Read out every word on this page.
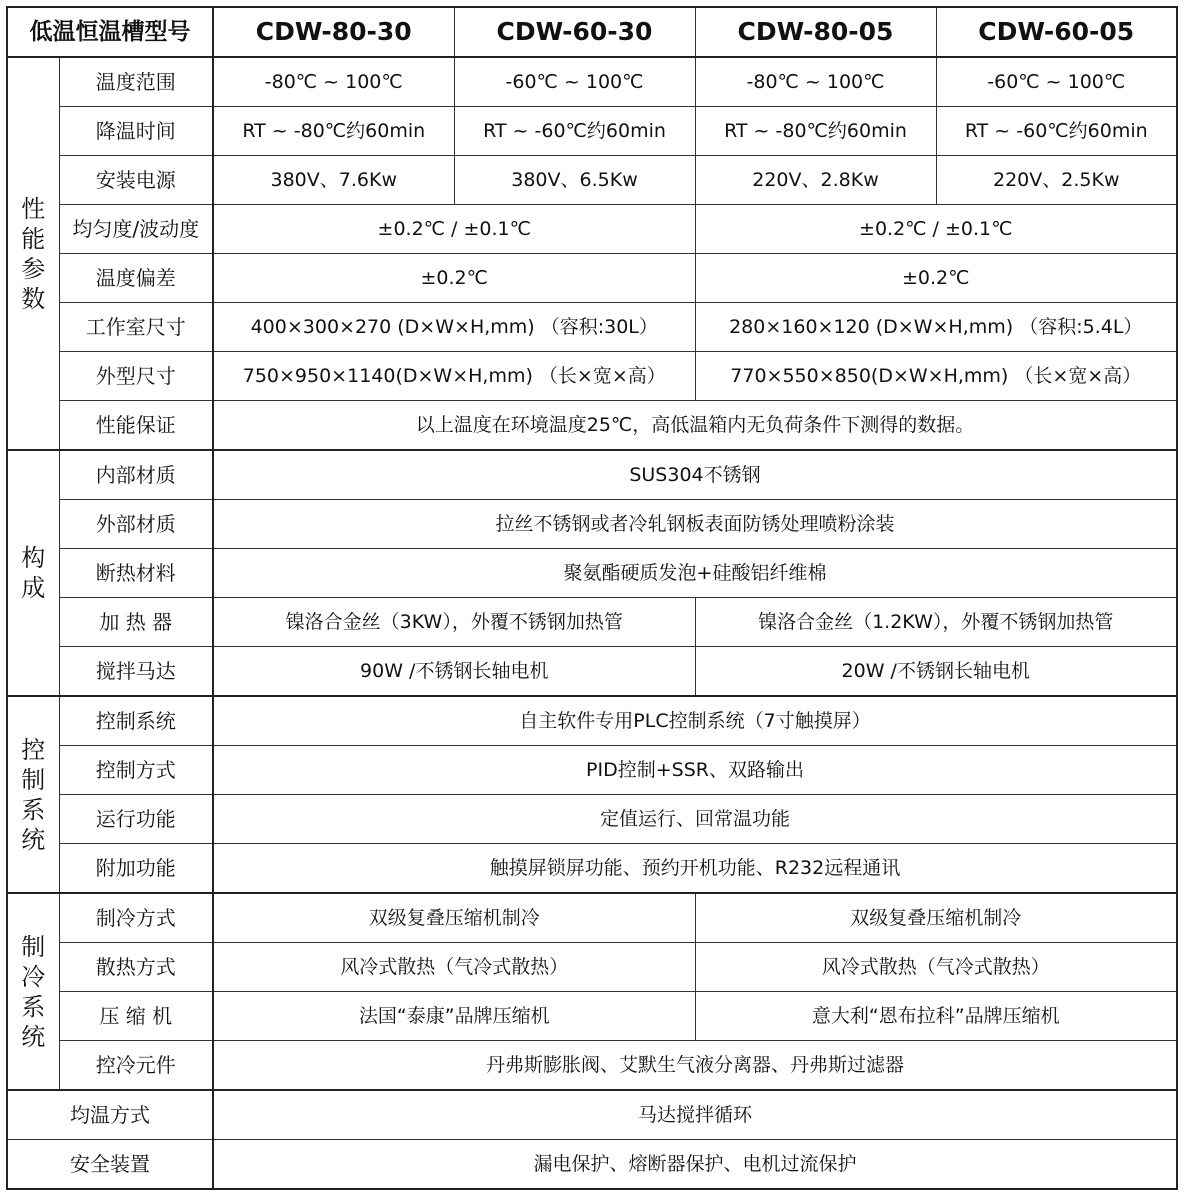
低温恒温槽型号		CDW-80-30	CDW-60-30	CDW-80-05	CDW-60-05

性
能
参
数	温度范围	-80℃ ~ 100℃	-60℃ ~ 100℃	-80℃ ~ 100℃	-60℃ ~ 100℃
	降温时间	RT ~ -80℃约60min	RT ~ -60℃约60min	RT ~ -80℃约60min	RT ~ -60℃约60min
	安装电源	380V、7.6Kw	380V、6.5Kw	220V、2.8Kw	220V、2.5Kw
	均匀度/波动度	±0.2℃ / ±0.1℃		±0.2℃ / ±0.1℃	
	温度偏差	±0.2℃		±0.2℃	
	工作室尺寸	400×300×270 (D×W×H,mm) （容积:30L）		280×160×120 (D×W×H,mm) （容积:5.4L）	
	外型尺寸	750×950×1140(D×W×H,mm) （长×宽×高）		770×550×850(D×W×H,mm) （长×宽×高）	
	性能保证	以上温度在环境温度25℃，高低温箱内无负荷条件下测得的数据。			

构
成	内部材质	SUS304不锈钢			
	外部材质	拉丝不锈钢或者冷轧钢板表面防锈处理喷粉涂装			
	断热材料	聚氨酯硬质发泡+硅酸铝纤维棉			
	加 热 器	镍洛合金丝（3KW），外覆不锈钢加热管		镍洛合金丝（1.2KW），外覆不锈钢加热管	
	搅拌马达	90W /不锈钢长轴电机		20W /不锈钢长轴电机	

控
制
系
统	控制系统	自主软件专用PLC控制系统（7寸触摸屏）			
	控制方式	PID控制+SSR、双路输出			
	运行功能	定值运行、回常温功能			
	附加功能	触摸屏锁屏功能、预约开机功能、R232远程通讯			

制
冷
系
统	制冷方式	双级复叠压缩机制冷		双级复叠压缩机制冷	
	散热方式	风冷式散热（气冷式散热）		风冷式散热（气冷式散热）	
	压 缩 机	法国“泰康”品牌压缩机		意大利“恩布拉科”品牌压缩机	
	控冷元件	丹弗斯膨胀阀、艾默生气液分离器、丹弗斯过滤器			
均温方式		马达搅拌循环			
安全装置		漏电保护、熔断器保护、电机过流保护			
